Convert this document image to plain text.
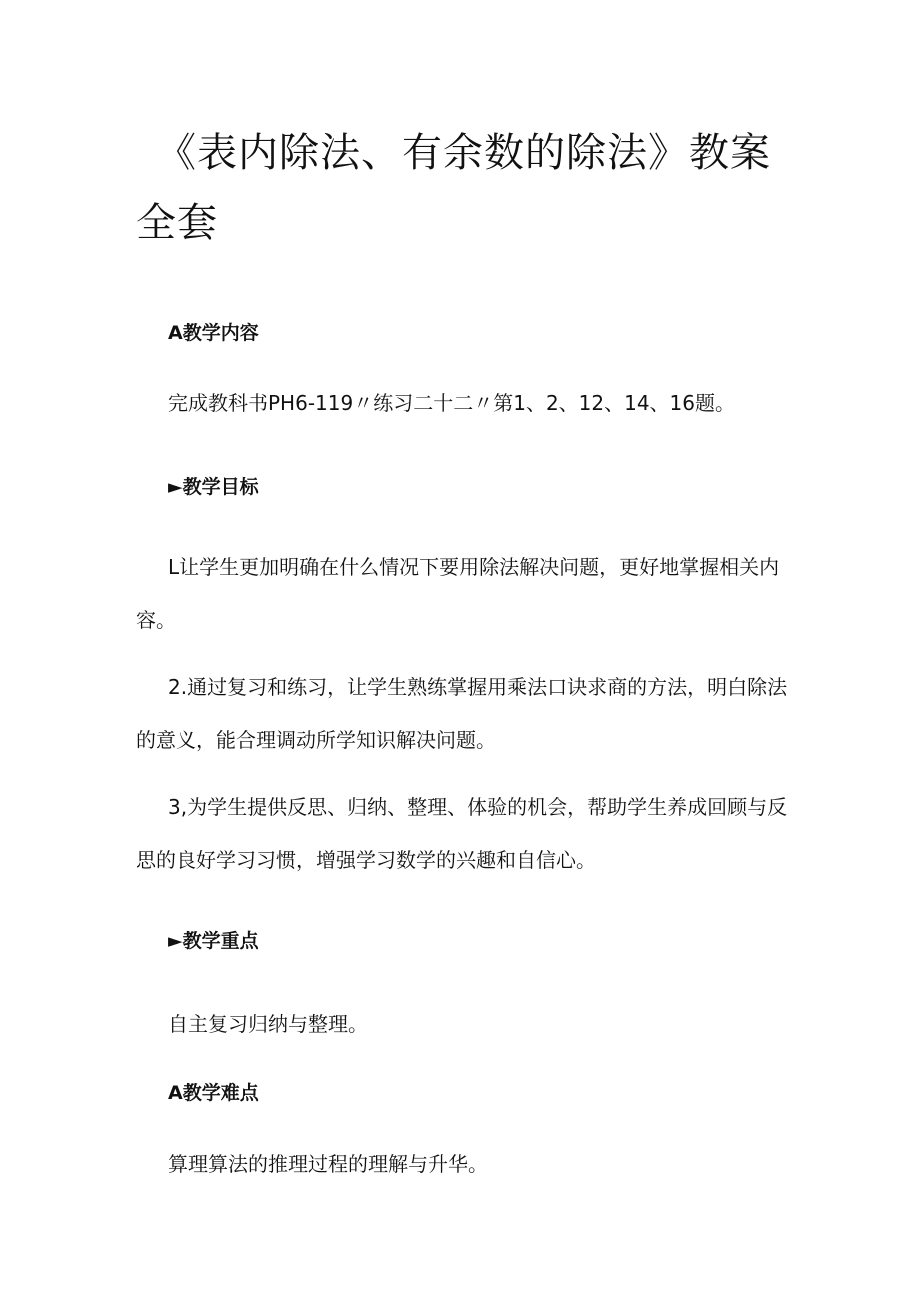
《表内除法、有余数的除法》教案全套

A教学内容

完成教科书PH6-119〃练习二十二〃第1、2、12、14、16题。

►教学目标

L让学生更加明确在什么情况下要用除法解决问题，更好地掌握相关内容。

2.通过复习和练习，让学生熟练掌握用乘法口诀求商的方法，明白除法的意义，能合理调动所学知识解决问题。

3,为学生提供反思、归纳、整理、体验的机会，帮助学生养成回顾与反思的良好学习习惯，增强学习数学的兴趣和自信心。

►教学重点

自主复习归纳与整理。

A教学难点

算理算法的推理过程的理解与升华。
